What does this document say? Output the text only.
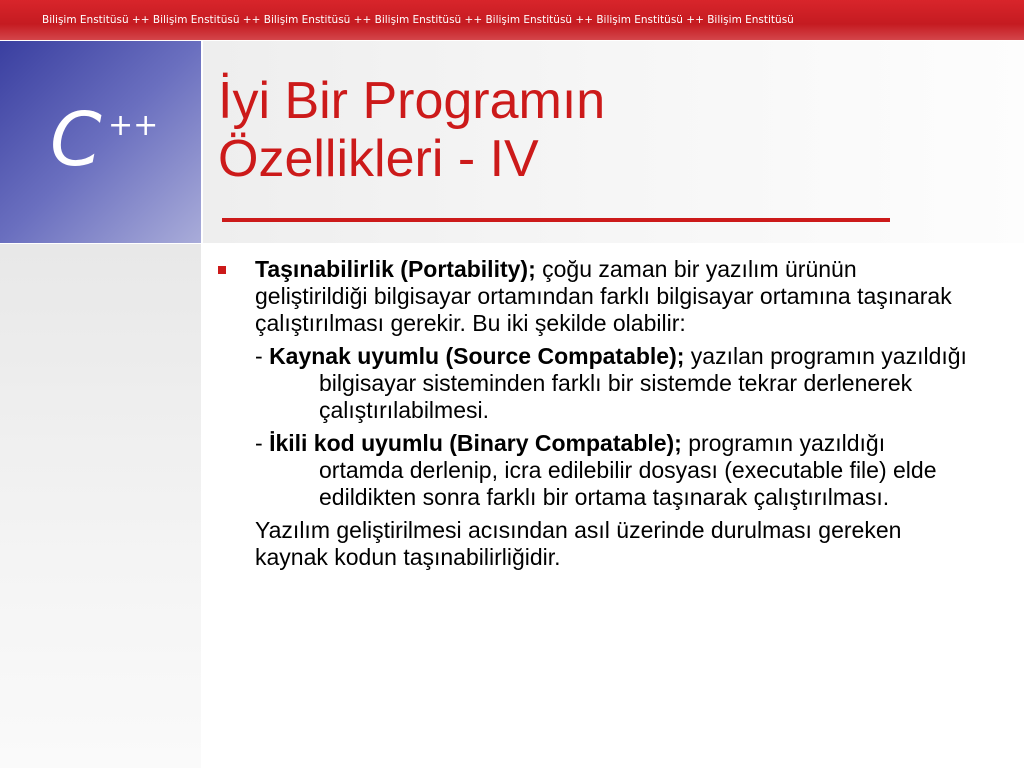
Bilişim Enstitüsü ++ Bilişim Enstitüsü ++ Bilişim Enstitüsü ++ Bilişim Enstitüsü ++ Bilişim Enstitüsü ++ Bilişim Enstitüsü ++ Bilişim Enstitüsü
C ++ İyi Bir Programın
Özellikleri - IV
Taşınabilirlik (Portability); çoğu zaman bir yazılım ürünün geliştirildiği bilgisayar ortamından farklı bilgisayar ortamına taşınarak çalıştırılması gerekir. Bu iki şekilde olabilir:
- Kaynak uyumlu (Source Compatable); yazılan programın yazıldığı bilgisayar sisteminden farklı bir sistemde tekrar derlenerek çalıştırılabilmesi.
- İkili kod uyumlu (Binary Compatable); programın yazıldığı ortamda derlenip, icra edilebilir dosyası (executable file) elde edildikten sonra farklı bir ortama taşınarak çalıştırılması.
Yazılım geliştirilmesi acısından asıl üzerinde durulması gereken kaynak kodun taşınabilirliğidir.
